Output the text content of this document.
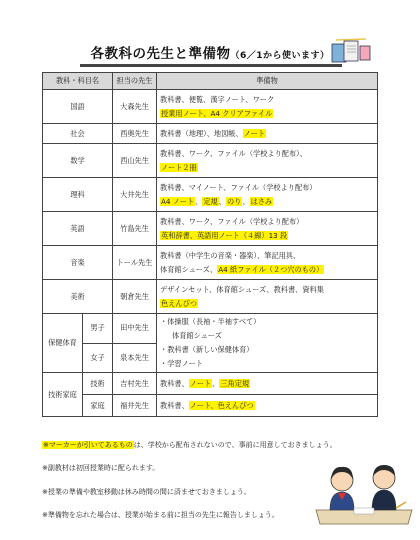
各教科の先生と準備物（6／1から使います）
教科・科目名		担当の先生	準備物
国語		大森先生	教科書、便覧、漢字ノート、ワーク
授業用ノート、A4 クリアファイル
社会		西奥先生	教科書（地理）、地図帳、ノート
数学		西山先生	教科書、ワーク、ファイル（学校より配布）、
ノート２冊
理科		大井先生	教科書、マイノート、ファイル（学校より配布）
A4 ノート、定規、のり、はさみ
英語		竹島先生	教科書、ワーク、ファイル（学校より配布）
英和辞書、英語用ノート（４線）13 段
音楽		トール先生	教科書（中学生の音楽・器楽）、筆記用具、
体育館シューズ、A4 紙ファイル（２つ穴のもの）
美術		朝倉先生	デザインセット、体育館シューズ、教科書、資料集
色えんぴつ
保健体育	男子	田中先生	・体操服（長袖・半袖すべて）
体育館シューズ
・教科書（新しい保健体育）
・学習ノート
	女子	泉本先生	
技術家庭	技術	吉村先生	教科書、ノート、三角定規
	家庭	福井先生	教科書、ノート、色えんぴつ
※マーカーが引いてあるものは、学校から配布されないので、事前に用意しておきましょう。
※副教材は初回授業時に配られます。
※授業の準備や教室移動は休み時間の間に済ませておきましょう。
※準備物を忘れた場合は、授業が始まる前に担当の先生に報告しましょう。
